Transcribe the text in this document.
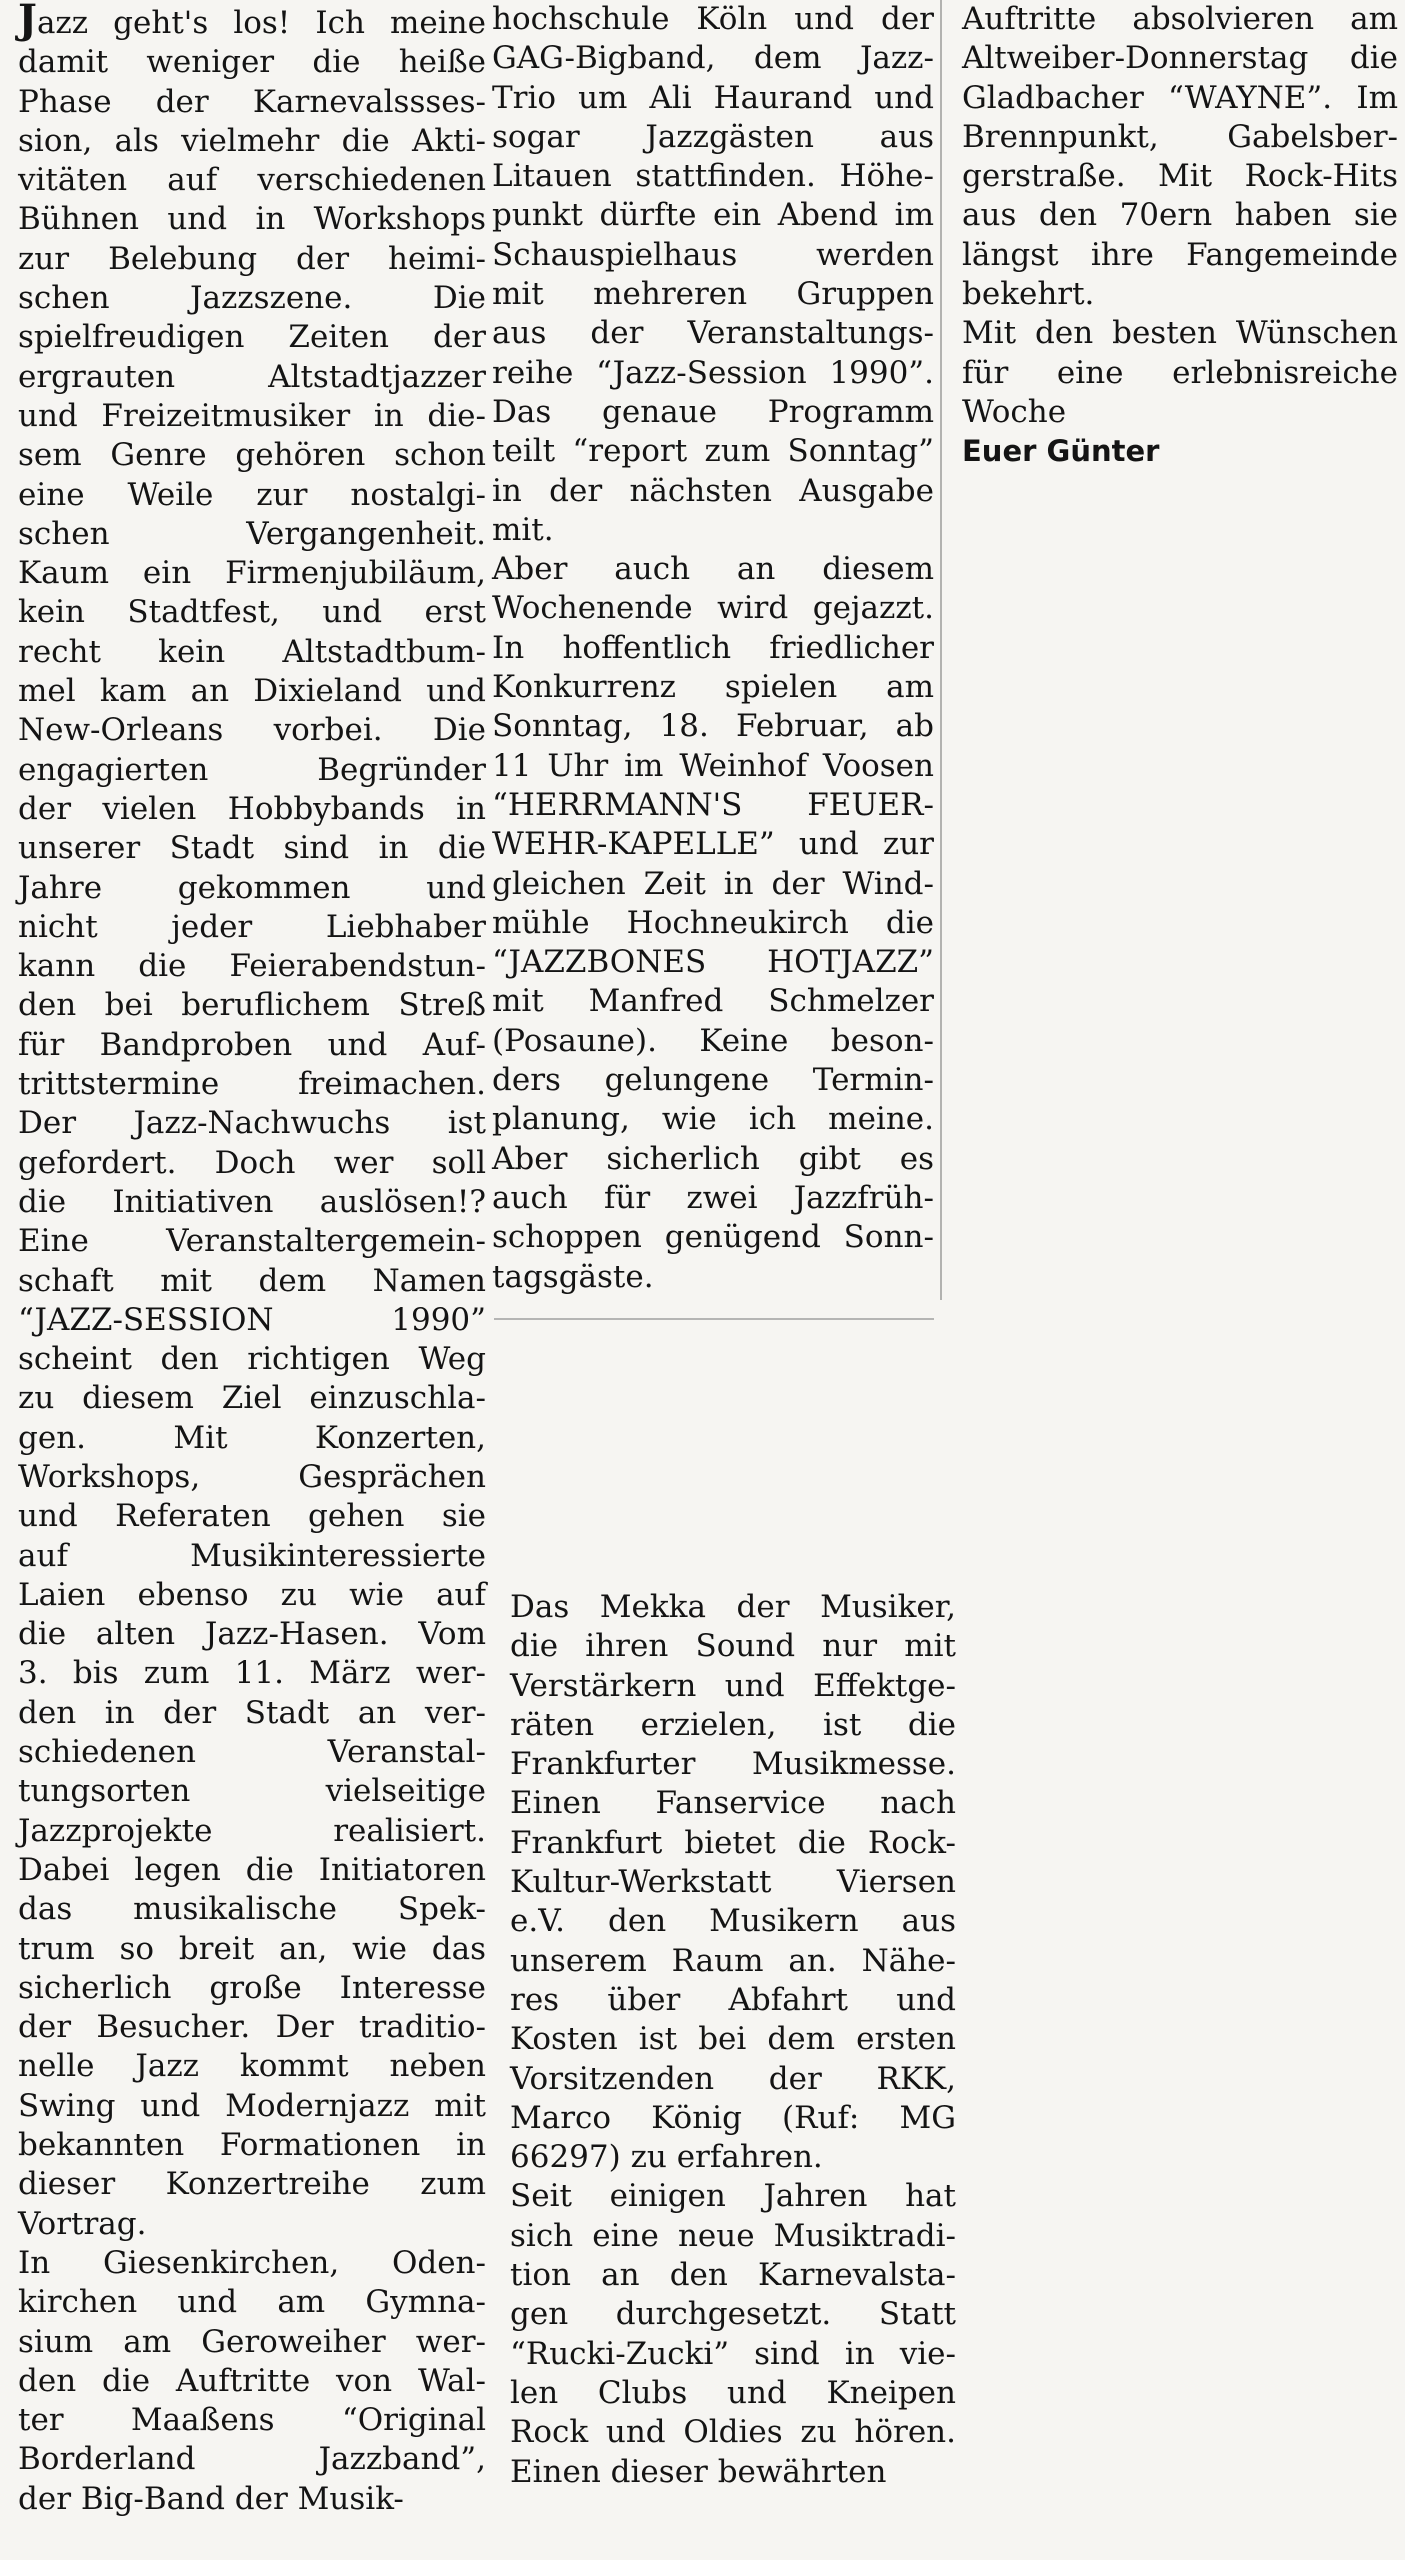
Jazz geht's los! Ich meine
damit weniger die heiße
Phase der Karnevalssses-
sion, als vielmehr die Akti-
vitäten auf verschiedenen
Bühnen und in Workshops
zur Belebung der heimi-
schen Jazzszene. Die
spielfreudigen Zeiten der
ergrauten Altstadtjazzer
und Freizeitmusiker in die-
sem Genre gehören schon
eine Weile zur nostalgi-
schen Vergangenheit.
Kaum ein Firmenjubiläum,
kein Stadtfest, und erst
recht kein Altstadtbum-
mel kam an Dixieland und
New-Orleans vorbei. Die
engagierten Begründer
der vielen Hobbybands in
unserer Stadt sind in die
Jahre gekommen und
nicht jeder Liebhaber
kann die Feierabendstun-
den bei beruflichem Streß
für Bandproben und Auf-
trittstermine freimachen.
Der Jazz-Nachwuchs ist
gefordert. Doch wer soll
die Initiativen auslösen!?
Eine Veranstaltergemein-
schaft mit dem Namen
“JAZZ-SESSION 1990”
scheint den richtigen Weg
zu diesem Ziel einzuschla-
gen. Mit Konzerten,
Workshops, Gesprächen
und Referaten gehen sie
auf Musikinteressierte
Laien ebenso zu wie auf
die alten Jazz-Hasen. Vom
3. bis zum 11. März wer-
den in der Stadt an ver-
schiedenen Veranstal-
tungsorten vielseitige
Jazzprojekte realisiert.
Dabei legen die Initiatoren
das musikalische Spek-
trum so breit an, wie das
sicherlich große Interesse
der Besucher. Der traditio-
nelle Jazz kommt neben
Swing und Modernjazz mit
bekannten Formationen in
dieser Konzertreihe zum
Vortrag.
In Giesenkirchen, Oden-
kirchen und am Gymna-
sium am Geroweiher wer-
den die Auftritte von Wal-
ter Maaßens “Original
Borderland Jazzband”,
der Big-Band der Musik-
hochschule Köln und der
GAG-Bigband, dem Jazz-
Trio um Ali Haurand und
sogar Jazzgästen aus
Litauen stattfinden. Höhe-
punkt dürfte ein Abend im
Schauspielhaus werden
mit mehreren Gruppen
aus der Veranstaltungs-
reihe “Jazz-Session 1990”.
Das genaue Programm
teilt “report zum Sonntag”
in der nächsten Ausgabe
mit.
Aber auch an diesem
Wochenende wird gejazzt.
In hoffentlich friedlicher
Konkurrenz spielen am
Sonntag, 18. Februar, ab
11 Uhr im Weinhof Voosen
“HERRMANN'S FEUER-
WEHR-KAPELLE” und zur
gleichen Zeit in der Wind-
mühle Hochneukirch die
“JAZZBONES HOTJAZZ”
mit Manfred Schmelzer
(Posaune). Keine beson-
ders gelungene Termin-
planung, wie ich meine.
Aber sicherlich gibt es
auch für zwei Jazzfrüh-
schoppen genügend Sonn-
tagsgäste.
Das Mekka der Musiker,
die ihren Sound nur mit
Verstärkern und Effektge-
räten erzielen, ist die
Frankfurter Musikmesse.
Einen Fanservice nach
Frankfurt bietet die Rock-
Kultur-Werkstatt Viersen
e.V. den Musikern aus
unserem Raum an. Nähe-
res über Abfahrt und
Kosten ist bei dem ersten
Vorsitzenden der RKK,
Marco König (Ruf: MG
66297) zu erfahren.
Seit einigen Jahren hat
sich eine neue Musiktradi-
tion an den Karnevalsta-
gen durchgesetzt. Statt
“Rucki-Zucki” sind in vie-
len Clubs und Kneipen
Rock und Oldies zu hören.
Einen dieser bewährten
Auftritte absolvieren am
Altweiber-Donnerstag die
Gladbacher “WAYNE”. Im
Brennpunkt, Gabelsber-
gerstraße. Mit Rock-Hits
aus den 70ern haben sie
längst ihre Fangemeinde
bekehrt.
Mit den besten Wünschen
für eine erlebnisreiche
Woche
Euer Günter
